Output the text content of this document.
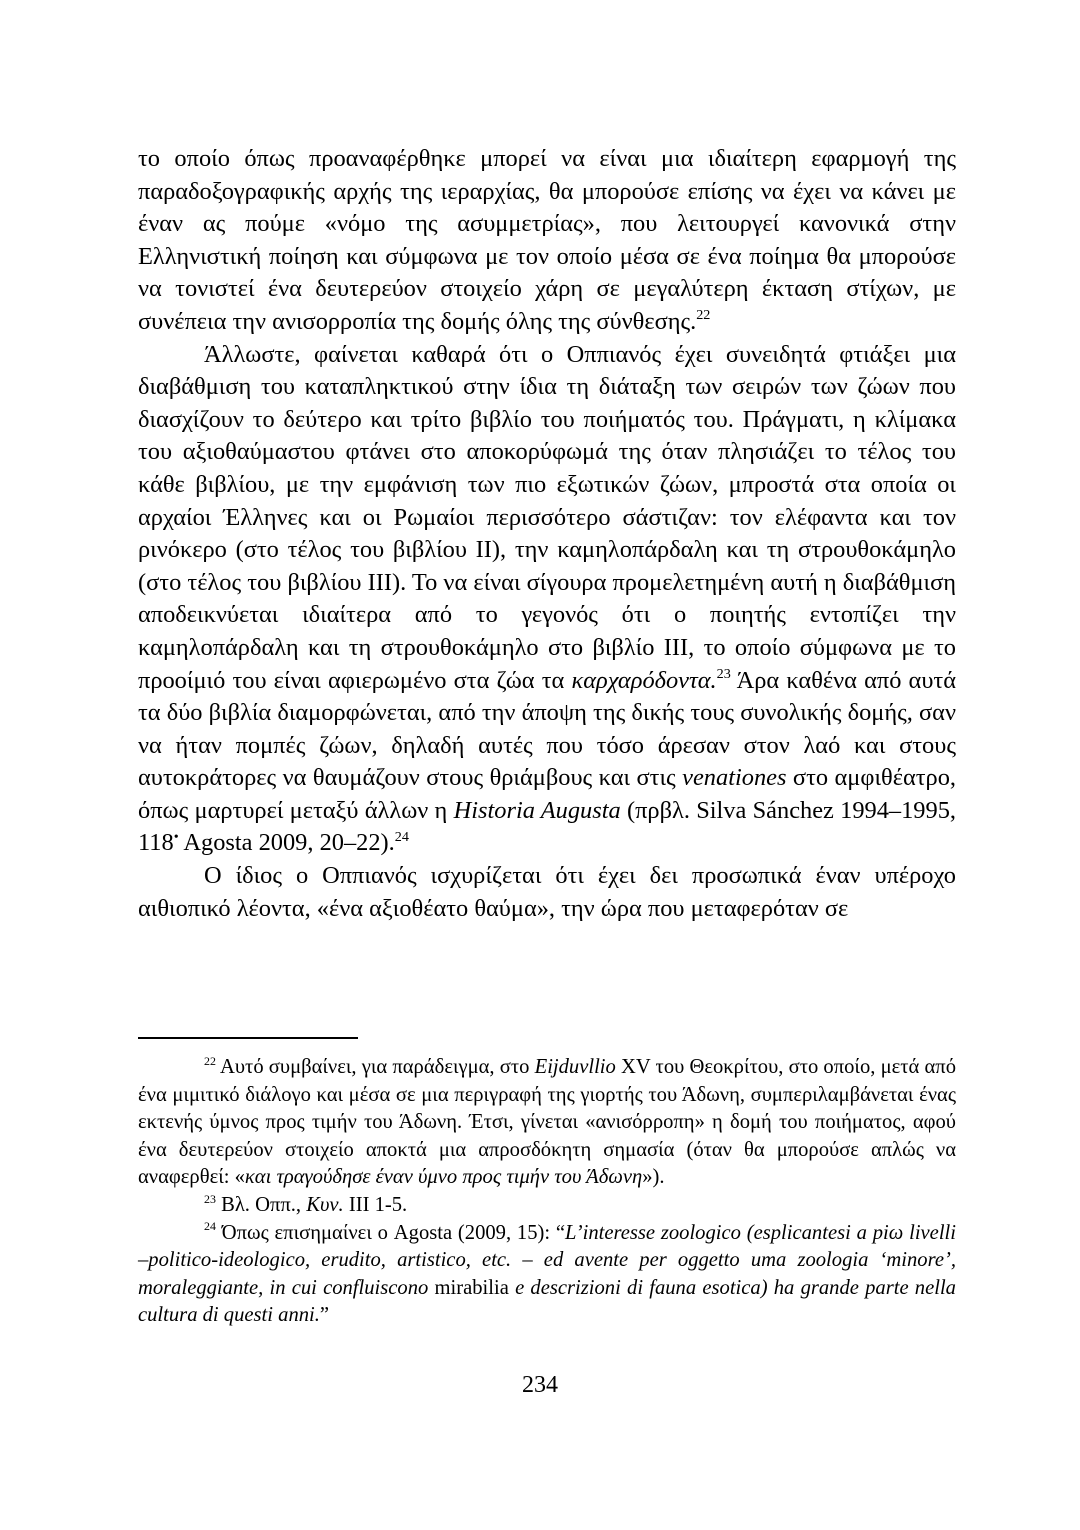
το οποίο όπως προαναφέρθηκε μπορεί να είναι μια ιδιαίτερη εφαρμογή της παραδοξογραφικής αρχής της ιεραρχίας, θα μπορούσε επίσης να έχει να κάνει με έναν ας πούμε «νόμο της ασυμμετρίας», που λειτουργεί κανονικά στην Ελληνιστική ποίηση και σύμφωνα με τον οποίο μέσα σε ένα ποίημα θα μπορούσε να τονιστεί ένα δευτερεύον στοιχείο χάρη σε μεγαλύτερη έκταση στίχων, με συνέπεια την ανισορροπία της δομής όλης της σύνθεσης.$^{22}$

Άλλωστε, φαίνεται καθαρά ότι ο Οππιανός έχει συνειδητά φτιάξει μια διαβάθμιση του καταπληκτικού στην ίδια τη διάταξη των σειρών των ζώων που διασχίζουν το δεύτερο και τρίτο βιβλίο του ποιήματός του. Πράγματι, η κλίμακα του αξιοθαύμαστου φτάνει στο αποκορύφωμά της όταν πλησιάζει το τέλος του κάθε βιβλίου, με την εμφάνιση των πιο εξωτικών ζώων, μπροστά στα οποία οι αρχαίοι Έλληνες και οι Ρωμαίοι περισσότερο σάστιζαν: τον ελέφαντα και τον ρινόκερο (στο τέλος του βιβλίου II), την καμηλοπάρδαλη και τη στρουθοκάμηλο (στο τέλος του βιβλίου III). Το να είναι σίγουρα προμελετημένη αυτή η διαβάθμιση αποδεικνύεται ιδιαίτερα από το γεγονός ότι ο ποιητής εντοπίζει την καμηλοπάρδαλη και τη στρουθοκάμηλο στο βιβλίο III, το οποίο σύμφωνα με το προοίμιό του είναι αφιερωμένο στα ζώα τα καρχαρόδοντα.$^{23}$ Άρα καθένα από αυτά τα δύο βιβλία διαμορφώνεται, από την άποψη της δικής τους συνολικής δομής, σαν να ήταν πομπές ζώων, δηλαδή αυτές που τόσο άρεσαν στον λαό και στους αυτοκράτορες να θαυμάζουν στους θριάμβους και στις venationes στο αμφιθέατρο, όπως μαρτυρεί μεταξύ άλλων η Historia Augusta (πρβλ. Silva Sánchez 1994–1995, 118• Agosta 2009, 20–22).$^{24}$

Ο ίδιος ο Οππιανός ισχυρίζεται ότι έχει δει προσωπικά έναν υπέροχο αιθιοπικό λέοντα, «ένα αξιοθέατο θαύμα», την ώρα που μεταφερόταν σε

$^{22}$ Αυτό συμβαίνει, για παράδειγμα, στο Eijduvllio XV του Θεοκρίτου, στο οποίο, μετά από ένα μιμιτικό διάλογο και μέσα σε μια περιγραφή της γιορτής του Άδωνη, συμπεριλαμβάνεται ένας εκτενής ύμνος προς τιμήν του Άδωνη. Έτσι, γίνεται «ανισόρροπη» η δομή του ποιήματος, αφού ένα δευτερεύον στοιχείο αποκτά μια απροσδόκητη σημασία (όταν θα μπορούσε απλώς να αναφερθεί: «και τραγούδησε έναν ύμνο προς τιμήν του Άδωνη»).

$^{23}$ Βλ. Οππ., Κυν. III 1-5.

$^{24}$ Όπως επισημαίνει ο Agosta (2009, 15): “L’interesse zoologico (esplicantesi a piω livelli –politico-ideologico, erudito, artistico, etc. – ed avente per oggetto uma zoologia ‘minore’, moraleggiante, in cui confluiscono mirabilia e descrizioni di fauna esotica) ha grande parte nella cultura di questi anni.”

234
